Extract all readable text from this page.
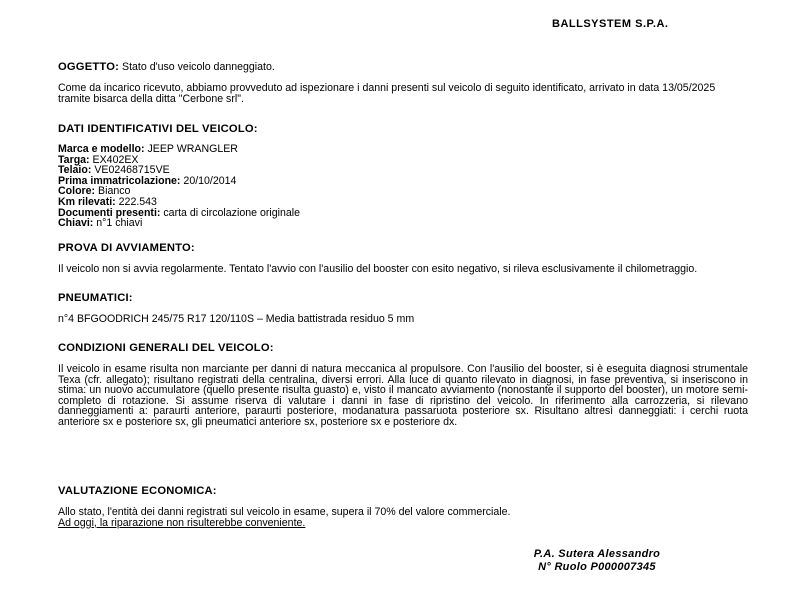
BALLSYSTEM S.P.A.
OGGETTO: Stato d'uso veicolo danneggiato.
Come da incarico ricevuto, abbiamo provveduto ad ispezionare i danni presenti sul veicolo di seguito identificato, arrivato in data 13/05/2025 tramite bisarca della ditta "Cerbone srl".
DATI IDENTIFICATIVI DEL VEICOLO:
Marca e modello: JEEP WRANGLER
Targa: EX402EX
Telaio: VE02468715VE
Prima immatricolazione: 20/10/2014
Colore: Bianco
Km rilevati: 222.543
Documenti presenti: carta di circolazione originale
Chiavi: n°1 chiavi
PROVA DI AVVIAMENTO:
Il veicolo non si avvia regolarmente. Tentato l'avvio con l'ausilio del booster con esito negativo, si rileva esclusivamente il chilometraggio.
PNEUMATICI:
n°4 BFGOODRICH 245/75 R17 120/110S – Media battistrada residuo 5 mm
CONDIZIONI GENERALI DEL VEICOLO:
Il veicolo in esame risulta non marciante per danni di natura meccanica al propulsore. Con l'ausilio del booster, si è eseguita diagnosi strumentale Texa (cfr. allegato); risultano registrati della centralina, diversi errori. Alla luce di quanto rilevato in diagnosi, in fase preventiva, si inseriscono in stima: un nuovo accumulatore (quello presente risulta guasto) e, visto il mancato avviamento (nonostante il supporto del booster), un motore semi-completo di rotazione. Si assume riserva di valutare i danni in fase di ripristino del veicolo. In riferimento alla carrozzeria, si rilevano danneggiamenti a: paraurti anteriore, paraurti posteriore, modanatura passaruota posteriore sx. Risultano altresì danneggiati: i cerchi ruota anteriore sx e posteriore sx, gli pneumatici anteriore sx, posteriore sx e posteriore dx.
VALUTAZIONE ECONOMICA:
Allo stato, l'entità dei danni registrati sul veicolo in esame, supera il 70% del valore commerciale.
Ad oggi, la riparazione non risulterebbe conveniente.
P.A. Sutera Alessandro
N° Ruolo P000007345
